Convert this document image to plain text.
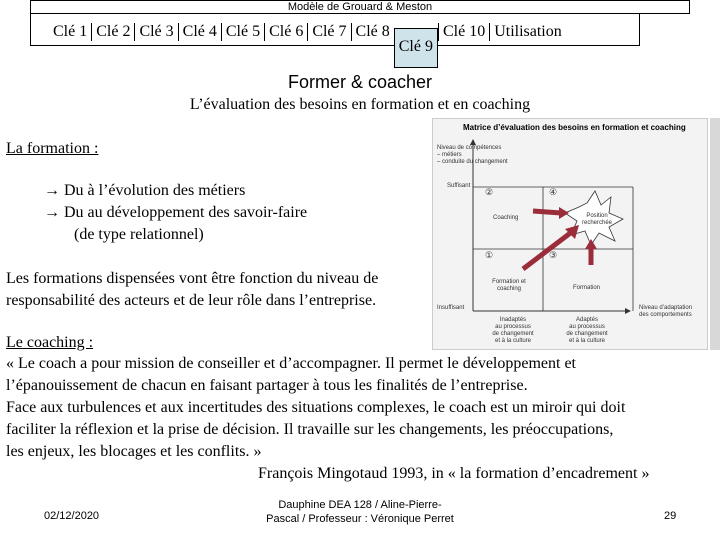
Modèle de Grouard & Meston
Clé 1 Clé 2 Clé 3 Clé 4 Clé 5 Clé 6 Clé 7 Clé 8
Clé 9
Clé 10 Utilisation
Former & coacher
L’évaluation des besoins en formation et en coaching
La formation :
→ Du à l’évolution des métiers
→ Du au développement des savoir-faire
(de type relationnel)
Les formations dispensées vont être fonction du niveau de
responsabilité des acteurs et de leur rôle dans l’entreprise.
Le coaching :
« Le coach a pour mission de conseiller et d’accompagner. Il permet le développement et
l’épanouissement de chacun en faisant partager à tous les finalités de l’entreprise.
Face aux turbulences et aux incertitudes des situations complexes, le coach est un miroir qui doit
faciliter la réflexion et la prise de décision. Il travaille sur les changements, les préoccupations,
les enjeux, les blocages et les conflits. »
François Mingotaud 1993, in « la formation d’encadrement »
Matrice d’évaluation des besoins en formation et coaching
Niveau de compétences
– métiers
– conduite du changement
Suffisant
Insuffisant
②	④
①	③
Coaching	Position recherchée
Formation et coaching	Formation
Niveau d’adaptation
des comportements
Inadaptés
au processus
de changement
et à la culture
Adaptés
au processus
de changement
et à la culture
02/12/2020
Dauphine DEA 128 / Aline-Pierre-
Pascal / Professeur : Véronique Perret	29
